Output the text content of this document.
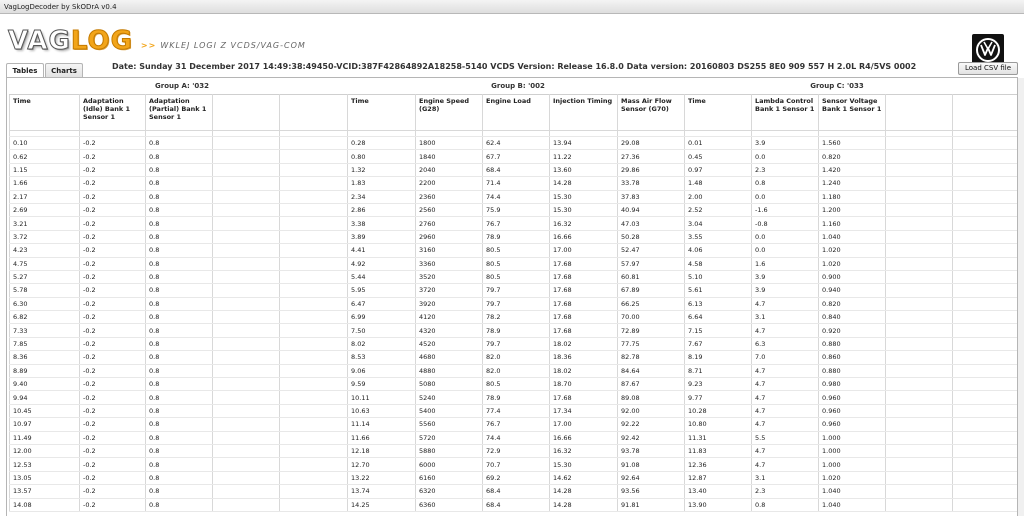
VagLogDecoder by SkODrA v0.4
VAG LOG >> WKLEJ LOGI Z VCDS/VAG-COM
Tables	Charts	Date: Sunday 31 December 2017 14:49:38:49450-VCID:387F42864892A18258-5140 VCDS Version: Release 16.8.0 Data version: 20160803 DS255 8E0 909 557 H 2.0L R4/5VS 0002	Load CSV file
Group A: '032	Group B: '002	Group C: '033
Time	Adaptation (Idle) Bank 1 Sensor 1	Adaptation (Partial) Bank 1 Sensor 1			Time	Engine Speed (G28)	Engine Load	Injection Timing	Mass Air Flow Sensor (G70)	Time	Lambda Control Bank 1 Sensor 1	Sensor Voltage Bank 1 Sensor 1		

0.10	-0.2	0.8			0.28	1800	62.4	13.94	29.08	0.01	3.9	1.560		
0.62	-0.2	0.8			0.80	1840	67.7	11.22	27.36	0.45	0.0	0.820		
1.15	-0.2	0.8			1.32	2040	68.4	13.60	29.86	0.97	2.3	1.420		
1.66	-0.2	0.8			1.83	2200	71.4	14.28	33.78	1.48	0.8	1.240		
2.17	-0.2	0.8			2.34	2360	74.4	15.30	37.83	2.00	0.0	1.180		
2.69	-0.2	0.8			2.86	2560	75.9	15.30	40.94	2.52	-1.6	1.200		
3.21	-0.2	0.8			3.38	2760	76.7	16.32	47.03	3.04	-0.8	1.160		
3.72	-0.2	0.8			3.89	2960	78.9	16.66	50.28	3.55	0.0	1.040		
4.23	-0.2	0.8			4.41	3160	80.5	17.00	52.47	4.06	0.0	1.020		
4.75	-0.2	0.8			4.92	3360	80.5	17.68	57.97	4.58	1.6	1.020		
5.27	-0.2	0.8			5.44	3520	80.5	17.68	60.81	5.10	3.9	0.900		
5.78	-0.2	0.8			5.95	3720	79.7	17.68	67.89	5.61	3.9	0.940		
6.30	-0.2	0.8			6.47	3920	79.7	17.68	66.25	6.13	4.7	0.820		
6.82	-0.2	0.8			6.99	4120	78.2	17.68	70.00	6.64	3.1	0.840		
7.33	-0.2	0.8			7.50	4320	78.9	17.68	72.89	7.15	4.7	0.920		
7.85	-0.2	0.8			8.02	4520	79.7	18.02	77.75	7.67	6.3	0.880		
8.36	-0.2	0.8			8.53	4680	82.0	18.36	82.78	8.19	7.0	0.860		
8.89	-0.2	0.8			9.06	4880	82.0	18.02	84.64	8.71	4.7	0.880		
9.40	-0.2	0.8			9.59	5080	80.5	18.70	87.67	9.23	4.7	0.980		
9.94	-0.2	0.8			10.11	5240	78.9	17.68	89.08	9.77	4.7	0.960		
10.45	-0.2	0.8			10.63	5400	77.4	17.34	92.00	10.28	4.7	0.960		
10.97	-0.2	0.8			11.14	5560	76.7	17.00	92.22	10.80	4.7	0.960		
11.49	-0.2	0.8			11.66	5720	74.4	16.66	92.42	11.31	5.5	1.000		
12.00	-0.2	0.8			12.18	5880	72.9	16.32	93.78	11.83	4.7	1.000		
12.53	-0.2	0.8			12.70	6000	70.7	15.30	91.08	12.36	4.7	1.000		
13.05	-0.2	0.8			13.22	6160	69.2	14.62	92.64	12.87	3.1	1.020		
13.57	-0.2	0.8			13.74	6320	68.4	14.28	93.56	13.40	2.3	1.040		
14.08	-0.2	0.8			14.25	6360	68.4	14.28	91.81	13.90	0.8	1.040		
